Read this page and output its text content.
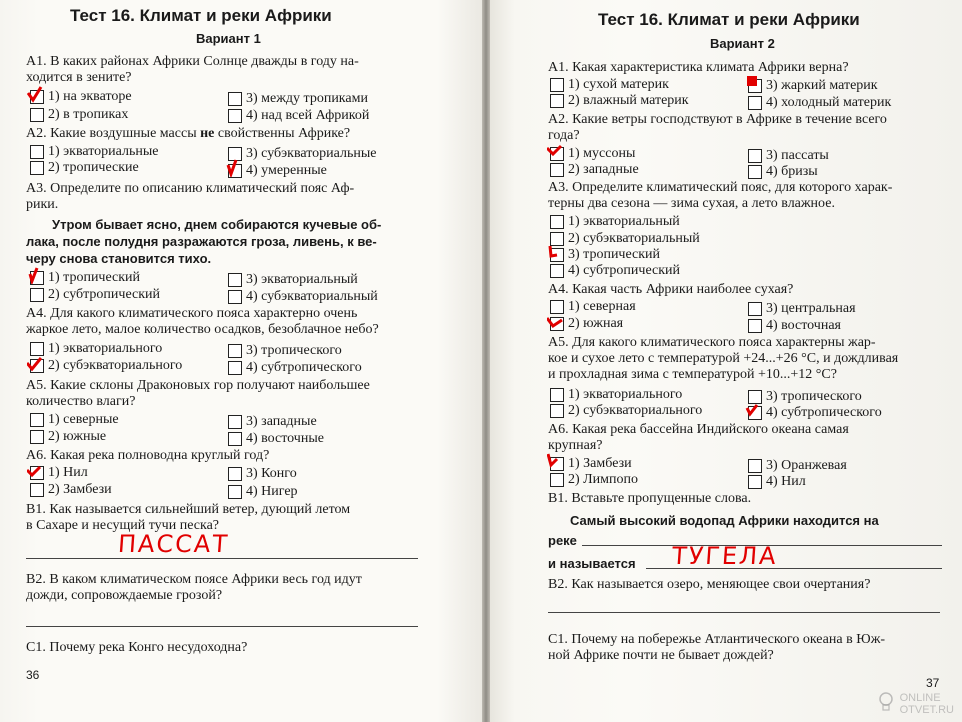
Тест 16. Климат и реки Африки
Вариант 1
А1. В каких районах Африки Солнце дважды в году на-
ходится в зените?
1) на экваторе	3) между тропиками
2) в тропиках	4) над всей Африкой
А2. Какие воздушные массы не свойственны Африке?
1) экваториальные	3) субэкваториальные
2) тропические	4) умеренные
А3. Определите по описанию климатический пояс Аф-
рики.
Утром бывает ясно, днем собираются кучевые об-
лака, после полудня разражаются гроза, ливень, к ве-
черу снова становится тихо.
1) тропический	3) экваториальный
2) субтропический	4) субэкваториальный
А4. Для какого климатического пояса характерно очень
жаркое лето, малое количество осадков, безоблачное небо?
1) экваториального	3) тропического
2) субэкваториального	4) субтропического
А5. Какие склоны Драконовых гор получают наибольшее
количество влаги?
1) северные	3) западные
2) южные	4) восточные
А6. Какая река полноводна круглый год?
1) Нил	3) Конго
2) Замбези	4) Нигер
В1. Как называется сильнейший ветер, дующий летом
в Сахаре и несущий тучи песка?
ПАССАТ
В2. В каком климатическом поясе Африки весь год идут
дожди, сопровождаемые грозой?
С1. Почему река Конго несудоходна?
36
Тест 16. Климат и реки Африки
Вариант 2
А1. Какая характеристика климата Африки верна?
1) сухой материк	3) жаркий материк
2) влажный материк	4) холодный материк
А2. Какие ветры господствуют в Африке в течение всего
года?
1) муссоны	3) пассаты
2) западные	4) бризы
А3. Определите климатический пояс, для которого харак-
терны два сезона — зима сухая, а лето влажное.
1) экваториальный
2) субэкваториальный
3) тропический
4) субтропический
А4. Какая часть Африки наиболее сухая?
1) северная	3) центральная
2) южная	4) восточная
А5. Для какого климатического пояса характерны жар-
кое и сухое лето с температурой +24...+26 °С, и дождливая
и прохладная зима с температурой +10...+12 °С?
1) экваториального	3) тропического
2) субэкваториального	4) субтропического
А6. Какая река бассейна Индийского океана самая
крупная?
1) Замбези	3) Оранжевая
2) Лимпопо	4) Нил
В1. Вставьте пропущенные слова.
Самый высокий водопад Африки находится на
реке
и называется ТУГЕЛА
В2. Как называется озеро, меняющее свои очертания?
С1. Почему на побережье Атлантического океана в Юж-
ной Африке почти не бывает дождей?
37
ONLINE
OTVET.RU
